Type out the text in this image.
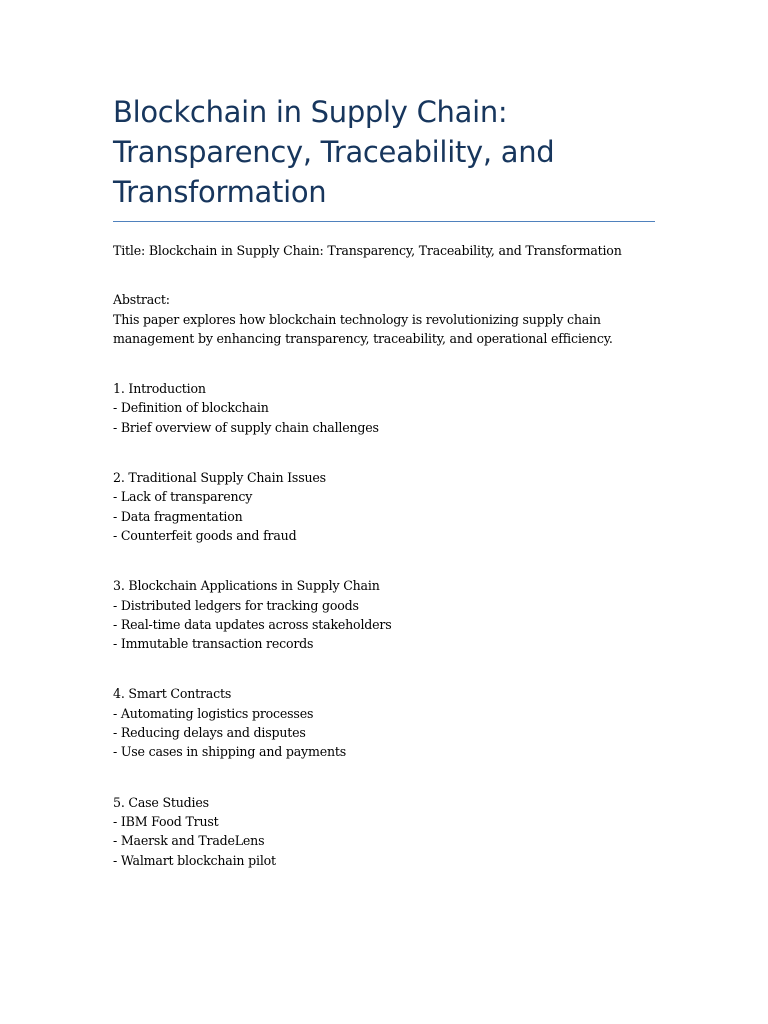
Blockchain in Supply Chain: Transparency, Traceability, and Transformation

Title: Blockchain in Supply Chain: Transparency, Traceability, and Transformation

Abstract:
This paper explores how blockchain technology is revolutionizing supply chain management by enhancing transparency, traceability, and operational efficiency.

1. Introduction
- Definition of blockchain
- Brief overview of supply chain challenges

2. Traditional Supply Chain Issues
- Lack of transparency
- Data fragmentation
- Counterfeit goods and fraud

3. Blockchain Applications in Supply Chain
- Distributed ledgers for tracking goods
- Real-time data updates across stakeholders
- Immutable transaction records

4. Smart Contracts
- Automating logistics processes
- Reducing delays and disputes
- Use cases in shipping and payments

5. Case Studies
- IBM Food Trust
- Maersk and TradeLens
- Walmart blockchain pilot
